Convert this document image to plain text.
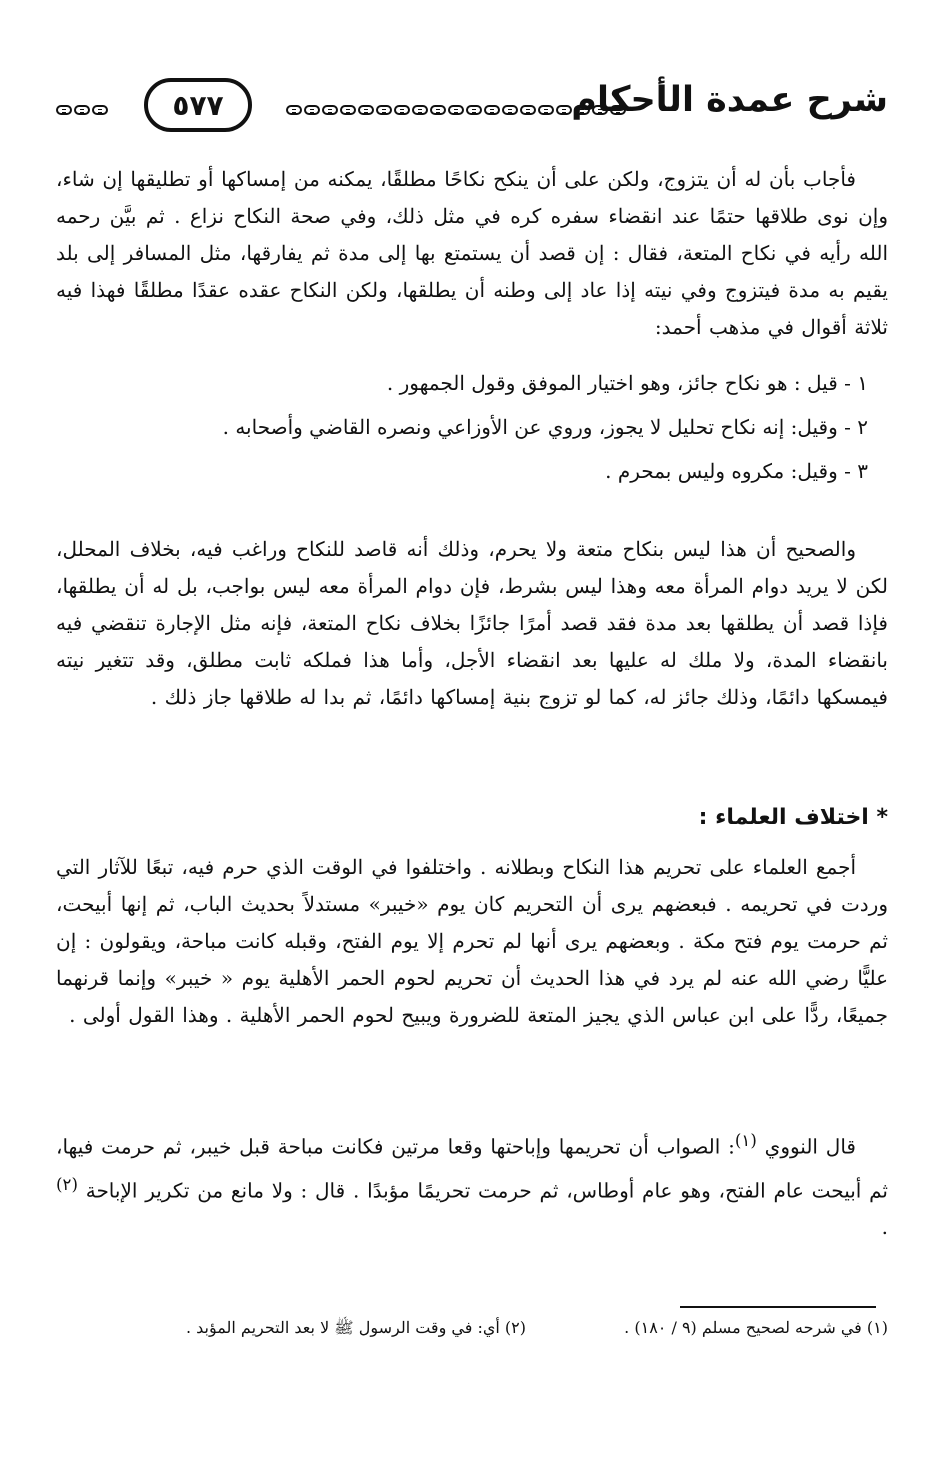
شرح عمدة الأحكام
٥٧٧

فأجاب بأن له أن يتزوج، ولكن على أن ينكح نكاحًا مطلقًا، يمكنه من إمساكها أو تطليقها إن شاء، وإن نوى طلاقها حتمًا عند انقضاء سفره كره في مثل ذلك، وفي صحة النكاح نزاع . ثم بيَّن رحمه الله رأيه في نكاح المتعة، فقال : إن قصد أن يستمتع بها إلى مدة ثم يفارقها، مثل المسافر إلى بلد يقيم به مدة فيتزوج وفي نيته إذا عاد إلى وطنه أن يطلقها، ولكن النكاح عقده عقدًا مطلقًا فهذا فيه ثلاثة أقوال في مذهب أحمد:

١ - قيل : هو نكاح جائز، وهو اختيار الموفق وقول الجمهور .
٢ - وقيل: إنه نكاح تحليل لا يجوز، وروي عن الأوزاعي ونصره القاضي وأصحابه .
٣ - وقيل: مكروه وليس بمحرم .

والصحيح أن هذا ليس بنكاح متعة ولا يحرم، وذلك أنه قاصد للنكاح وراغب فيه، بخلاف المحلل، لكن لا يريد دوام المرأة معه وهذا ليس بشرط، فإن دوام المرأة معه ليس بواجب، بل له أن يطلقها، فإذا قصد أن يطلقها بعد مدة فقد قصد أمرًا جائزًا بخلاف نكاح المتعة، فإنه مثل الإجارة تنقضي فيه بانقضاء المدة، ولا ملك له عليها بعد انقضاء الأجل، وأما هذا فملكه ثابت مطلق، وقد تتغير نيته فيمسكها دائمًا، وذلك جائز له، كما لو تزوج بنية إمساكها دائمًا، ثم بدا له طلاقها جاز ذلك .

* اختلاف العلماء :

أجمع العلماء على تحريم هذا النكاح وبطلانه . واختلفوا في الوقت الذي حرم فيه، تبعًا للآثار التي وردت في تحريمه . فبعضهم يرى أن التحريم كان يوم «خيبر» مستدلاً بحديث الباب، ثم إنها أبيحت، ثم حرمت يوم فتح مكة . وبعضهم يرى أنها لم تحرم إلا يوم الفتح، وقبله كانت مباحة، ويقولون : إن عليًّا رضي الله عنه لم يرد في هذا الحديث أن تحريم لحوم الحمر الأهلية يوم « خيبر» وإنما قرنهما جميعًا، ردًّا على ابن عباس الذي يجيز المتعة للضرورة ويبيح لحوم الحمر الأهلية . وهذا القول أولى .

قال النووي $^{(١)}$: الصواب أن تحريمها وإباحتها وقعا مرتين فكانت مباحة قبل خيبر، ثم حرمت فيها، ثم أبيحت عام الفتح، وهو عام أوطاس، ثم حرمت تحريمًا مؤبدًا . قال : ولا مانع من تكرير الإباحة $^{(٢)}$ .

(١) في شرحه لصحيح مسلم (٩ / ١٨٠) .
(٢) أي: في وقت الرسول ﷺ لا بعد التحريم المؤبد .
